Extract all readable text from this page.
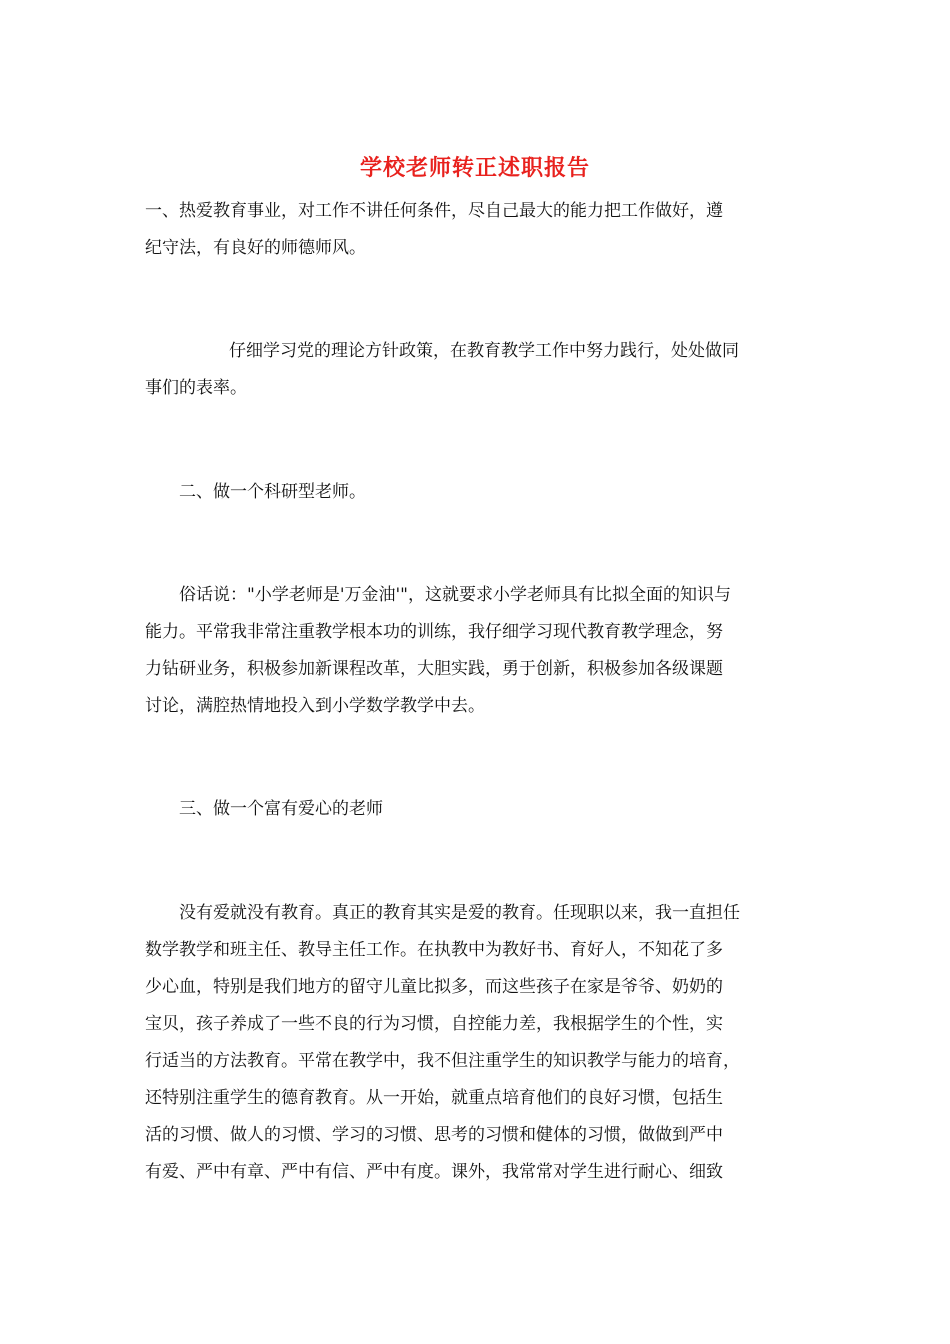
学校老师转正述职报告

一、热爱教育事业，对工作不讲任何条件，尽自己最大的能力把工作做好，遵
纪守法，有良好的师德师风。

仔细学习党的理论方针政策，在教育教学工作中努力践行，处处做同
事们的表率。

二、做一个科研型老师。

俗话说："小学老师是'万金油'"，这就要求小学老师具有比拟全面的知识与
能力。平常我非常注重教学根本功的训练，我仔细学习现代教育教学理念，努
力钻研业务，积极参加新课程改革，大胆实践，勇于创新，积极参加各级课题
讨论，满腔热情地投入到小学数学教学中去。

三、做一个富有爱心的老师

没有爱就没有教育。真正的教育其实是爱的教育。任现职以来，我一直担任
数学教学和班主任、教导主任工作。在执教中为教好书、育好人，不知花了多
少心血，特别是我们地方的留守儿童比拟多，而这些孩子在家是爷爷、奶奶的
宝贝，孩子养成了一些不良的行为习惯，自控能力差，我根据学生的个性，实
行适当的方法教育。平常在教学中，我不但注重学生的知识教学与能力的培育，
还特别注重学生的德育教育。从一开始，就重点培育他们的良好习惯，包括生
活的习惯、做人的习惯、学习的习惯、思考的习惯和健体的习惯，做做到严中
有爱、严中有章、严中有信、严中有度。课外，我常常对学生进行耐心、细致
